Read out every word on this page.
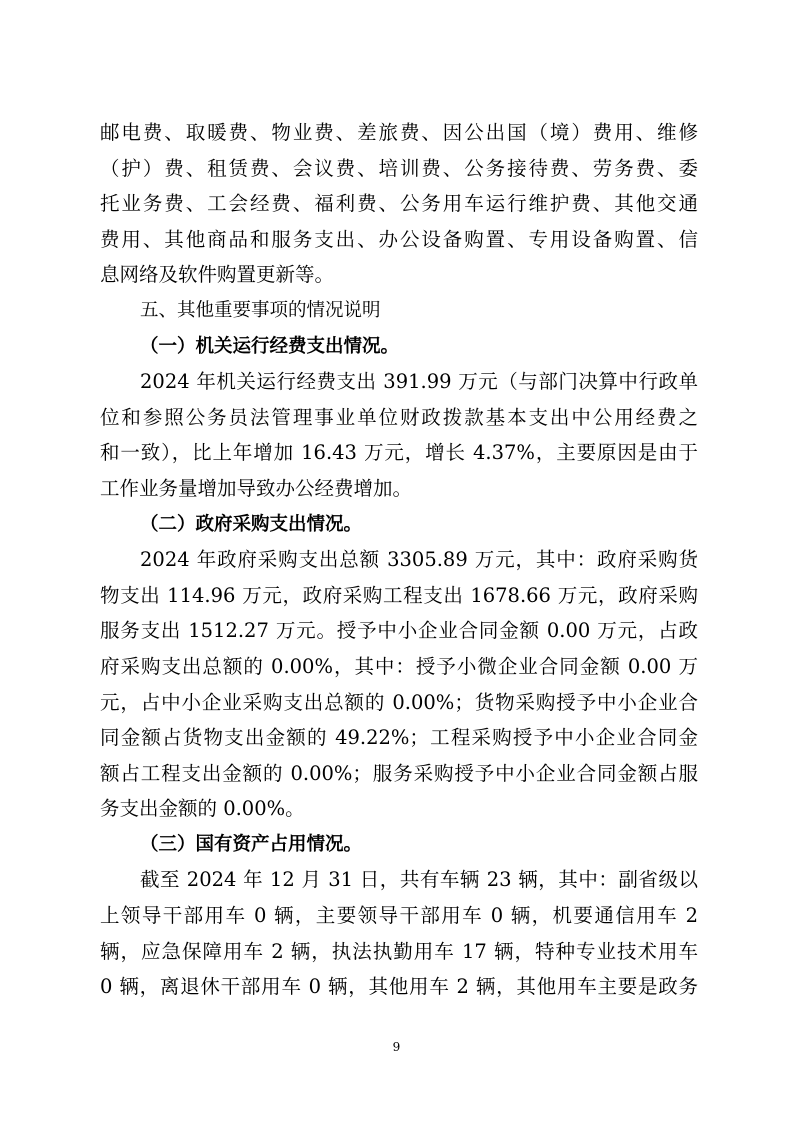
邮电费、取暖费、物业费、差旅费、因公出国（境）费用、维修

（护）费、租赁费、会议费、培训费、公务接待费、劳务费、委

托业务费、工会经费、福利费、公务用车运行维护费、其他交通

费用、其他商品和服务支出、办公设备购置、专用设备购置、信

息网络及软件购置更新等。

五、其他重要事项的情况说明
（一）机关运行经费支出情况。

2024 年机关运行经费支出 391.99 万元（与部门决算中行政单

位和参照公务员法管理事业单位财政拨款基本支出中公用经费之

和一致），比上年增加 16.43 万元，增长 4.37%，主要原因是由于

工作业务量增加导致办公经费增加。

（二）政府采购支出情况。

2024 年政府采购支出总额 3305.89 万元，其中：政府采购货

物支出 114.96 万元，政府采购工程支出 1678.66 万元，政府采购

服务支出 1512.27 万元。授予中小企业合同金额 0.00 万元，占政

府采购支出总额的 0.00%，其中：授予小微企业合同金额 0.00 万

元，占中小企业采购支出总额的 0.00%；货物采购授予中小企业合

同金额占货物支出金额的 49.22%；工程采购授予中小企业合同金

额占工程支出金额的 0.00%；服务采购授予中小企业合同金额占服

务支出金额的 0.00%。

（三）国有资产占用情况。

截至 2024 年 12 月 31 日，共有车辆 23 辆，其中：副省级以

上领导干部用车 0 辆，主要领导干部用车 0 辆，机要通信用车 2

辆，应急保障用车 2 辆，执法执勤用车 17 辆，特种专业技术用车

0 辆，离退休干部用车 0 辆，其他用车 2 辆，其他用车主要是政务

9
